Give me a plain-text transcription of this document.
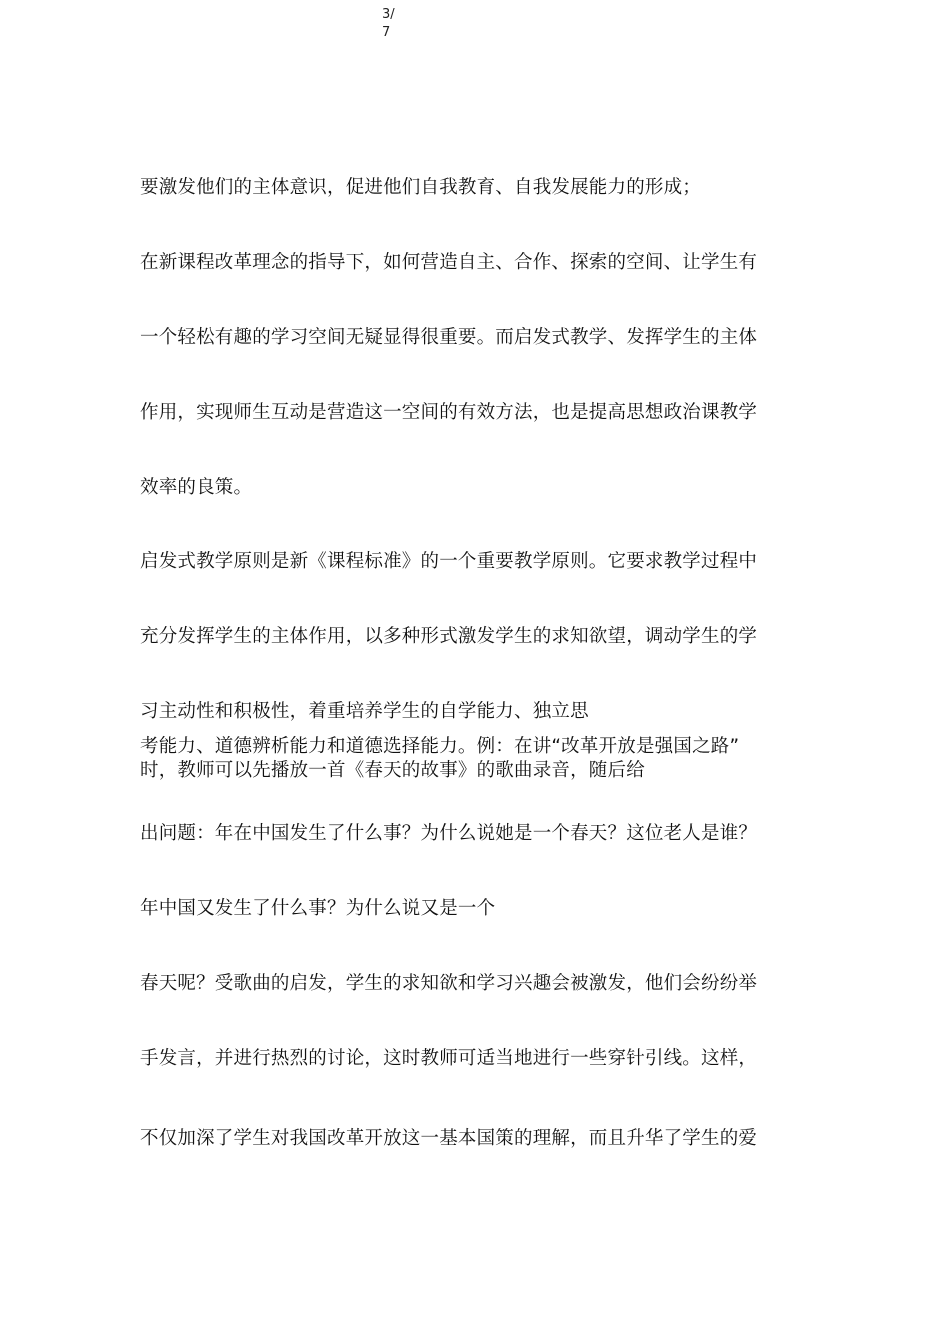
3/
7
要激发他们的主体意识，促进他们自我教育、自我发展能力的形成；
在新课程改革理念的指导下，如何营造自主、合作、探索的空间、让学生有
一个轻松有趣的学习空间无疑显得很重要。而启发式教学、发挥学生的主体
作用，实现师生互动是营造这一空间的有效方法，也是提高思想政治课教学
效率的良策。
启发式教学原则是新《课程标准》的一个重要教学原则。它要求教学过程中
充分发挥学生的主体作用，以多种形式激发学生的求知欲望，调动学生的学
习主动性和积极性，着重培养学生的自学能力、独立思
考能力、道德辨析能力和道德选择能力。例：在讲“改革开放是强国之路”
时，教师可以先播放一首《春天的故事》的歌曲录音，随后给
出问题：年在中国发生了什么事？为什么说她是一个春天？这位老人是谁？
年中国又发生了什么事？为什么说又是一个
春天呢？受歌曲的启发，学生的求知欲和学习兴趣会被激发，他们会纷纷举
手发言，并进行热烈的讨论，这时教师可适当地进行一些穿针引线。这样，
不仅加深了学生对我国改革开放这一基本国策的理解，而且升华了学生的爱
